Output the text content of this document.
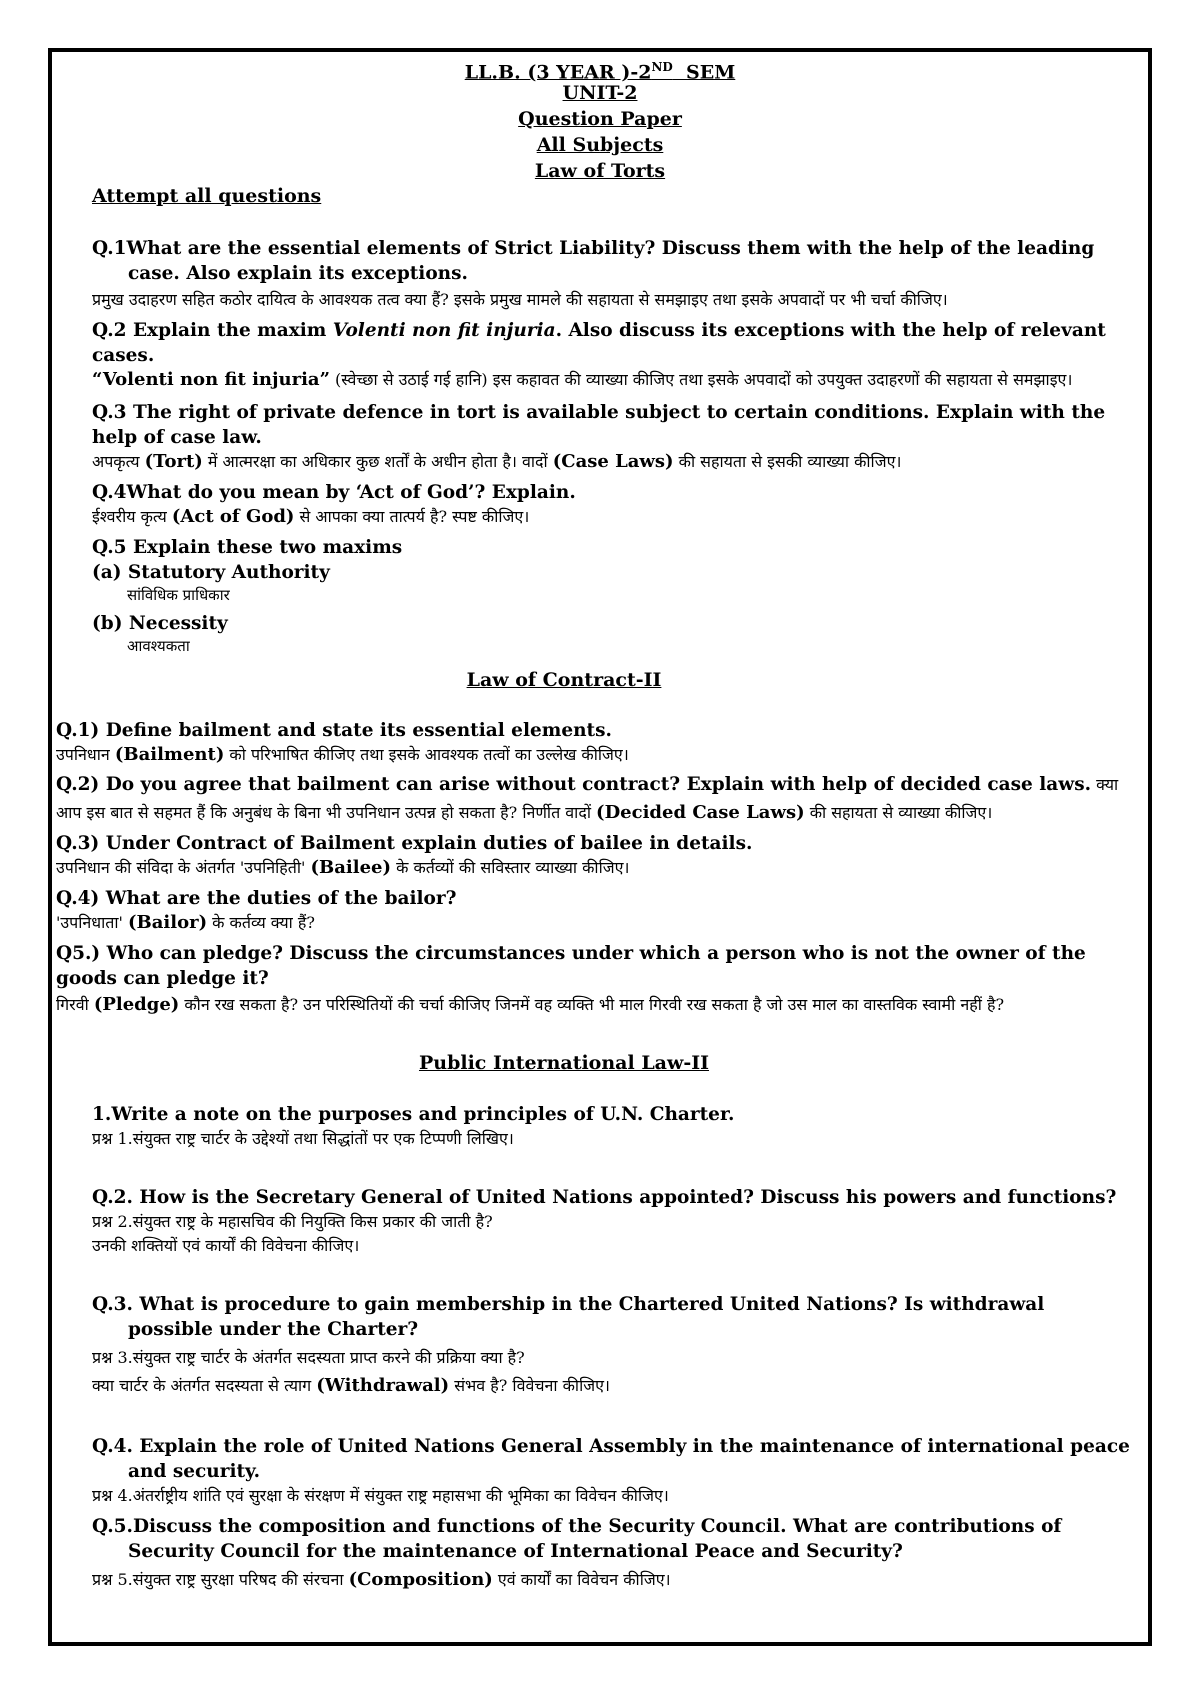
LL.B. (3 YEAR )-2ND  SEM
UNIT-2
Question Paper
All Subjects
Law of Torts
Attempt all questions
Q.1What are the essential elements of Strict Liability? Discuss them with the help of the leading case. Also explain its exceptions.
प्रमुख उदाहरण सहित कठोर दायित्व के आवश्यक तत्व क्या हैं? इसके प्रमुख मामले की सहायता से समझाइए तथा इसके अपवादों पर भी चर्चा कीजिए।
Q.2 Explain the maxim Volenti non fit injuria. Also discuss its exceptions with the help of relevant cases.
“Volenti non fit injuria” (स्वेच्छा से उठाई गई हानि) इस कहावत की व्याख्या कीजिए तथा इसके अपवादों को उपयुक्त उदाहरणों की सहायता से समझाइए।
Q.3 The right of private defence in tort is available subject to certain conditions. Explain with the help of case law.
अपकृत्य (Tort) में आत्मरक्षा का अधिकार कुछ शर्तों के अधीन होता है। वादों (Case Laws) की सहायता से इसकी व्याख्या कीजिए।
Q.4What do you mean by ‘Act of God’? Explain.
ईश्वरीय कृत्य (Act of God) से आपका क्या तात्पर्य है? स्पष्ट कीजिए।
Q.5 Explain these two maxims
(a) Statutory Authority
सांविधिक प्राधिकार
(b) Necessity
आवश्यकता
Law of Contract-II
Q.1) Define bailment and state its essential elements.
उपनिधान (Bailment) को परिभाषित कीजिए तथा इसके आवश्यक तत्वों का उल्लेख कीजिए।
Q.2) Do you agree that bailment can arise without contract? Explain with help of decided case laws. क्या आप इस बात से सहमत हैं कि अनुबंध के बिना भी उपनिधान उत्पन्न हो सकता है? निर्णीत वादों (Decided Case Laws) की सहायता से व्याख्या कीजिए।
Q.3) Under Contract of Bailment explain duties of bailee in details.
उपनिधान की संविदा के अंतर्गत 'उपनिहिती' (Bailee) के कर्तव्यों की सविस्तार व्याख्या कीजिए।
Q.4) What are the duties of the bailor?
'उपनिधाता' (Bailor) के कर्तव्य क्या हैं?
Q5.) Who can pledge? Discuss the circumstances under which a person who is not the owner of the goods can pledge it?
गिरवी (Pledge) कौन रख सकता है? उन परिस्थितियों की चर्चा कीजिए जिनमें वह व्यक्ति भी माल गिरवी रख सकता है जो उस माल का वास्तविक स्वामी नहीं है?
Public International Law-II
1.Write a note on the purposes and principles of U.N. Charter.
प्रश्न 1.संयुक्त राष्ट्र चार्टर के उद्देश्यों तथा सिद्धांतों पर एक टिप्पणी लिखिए।
Q.2. How is the Secretary General of United Nations appointed? Discuss his powers and functions?
प्रश्न 2.संयुक्त राष्ट्र के महासचिव की नियुक्ति किस प्रकार की जाती है?
उनकी शक्तियों एवं कार्यों की विवेचना कीजिए।
Q.3. What is procedure to gain membership in the Chartered United Nations? Is withdrawal possible under the Charter?
प्रश्न 3.संयुक्त राष्ट्र चार्टर के अंतर्गत सदस्यता प्राप्त करने की प्रक्रिया क्या है?
क्या चार्टर के अंतर्गत सदस्यता से त्याग (Withdrawal) संभव है? विवेचना कीजिए।
Q.4. Explain the role of United Nations General Assembly in the maintenance of international peace and security.
प्रश्न 4.अंतर्राष्ट्रीय शांति एवं सुरक्षा के संरक्षण में संयुक्त राष्ट्र महासभा की भूमिका का विवेचन कीजिए।
Q.5.Discuss the composition and functions of the Security Council. What are contributions of Security Council for the maintenance of International Peace and Security?
प्रश्न 5.संयुक्त राष्ट्र सुरक्षा परिषद की संरचना (Composition) एवं कार्यों का विवेचन कीजिए।
